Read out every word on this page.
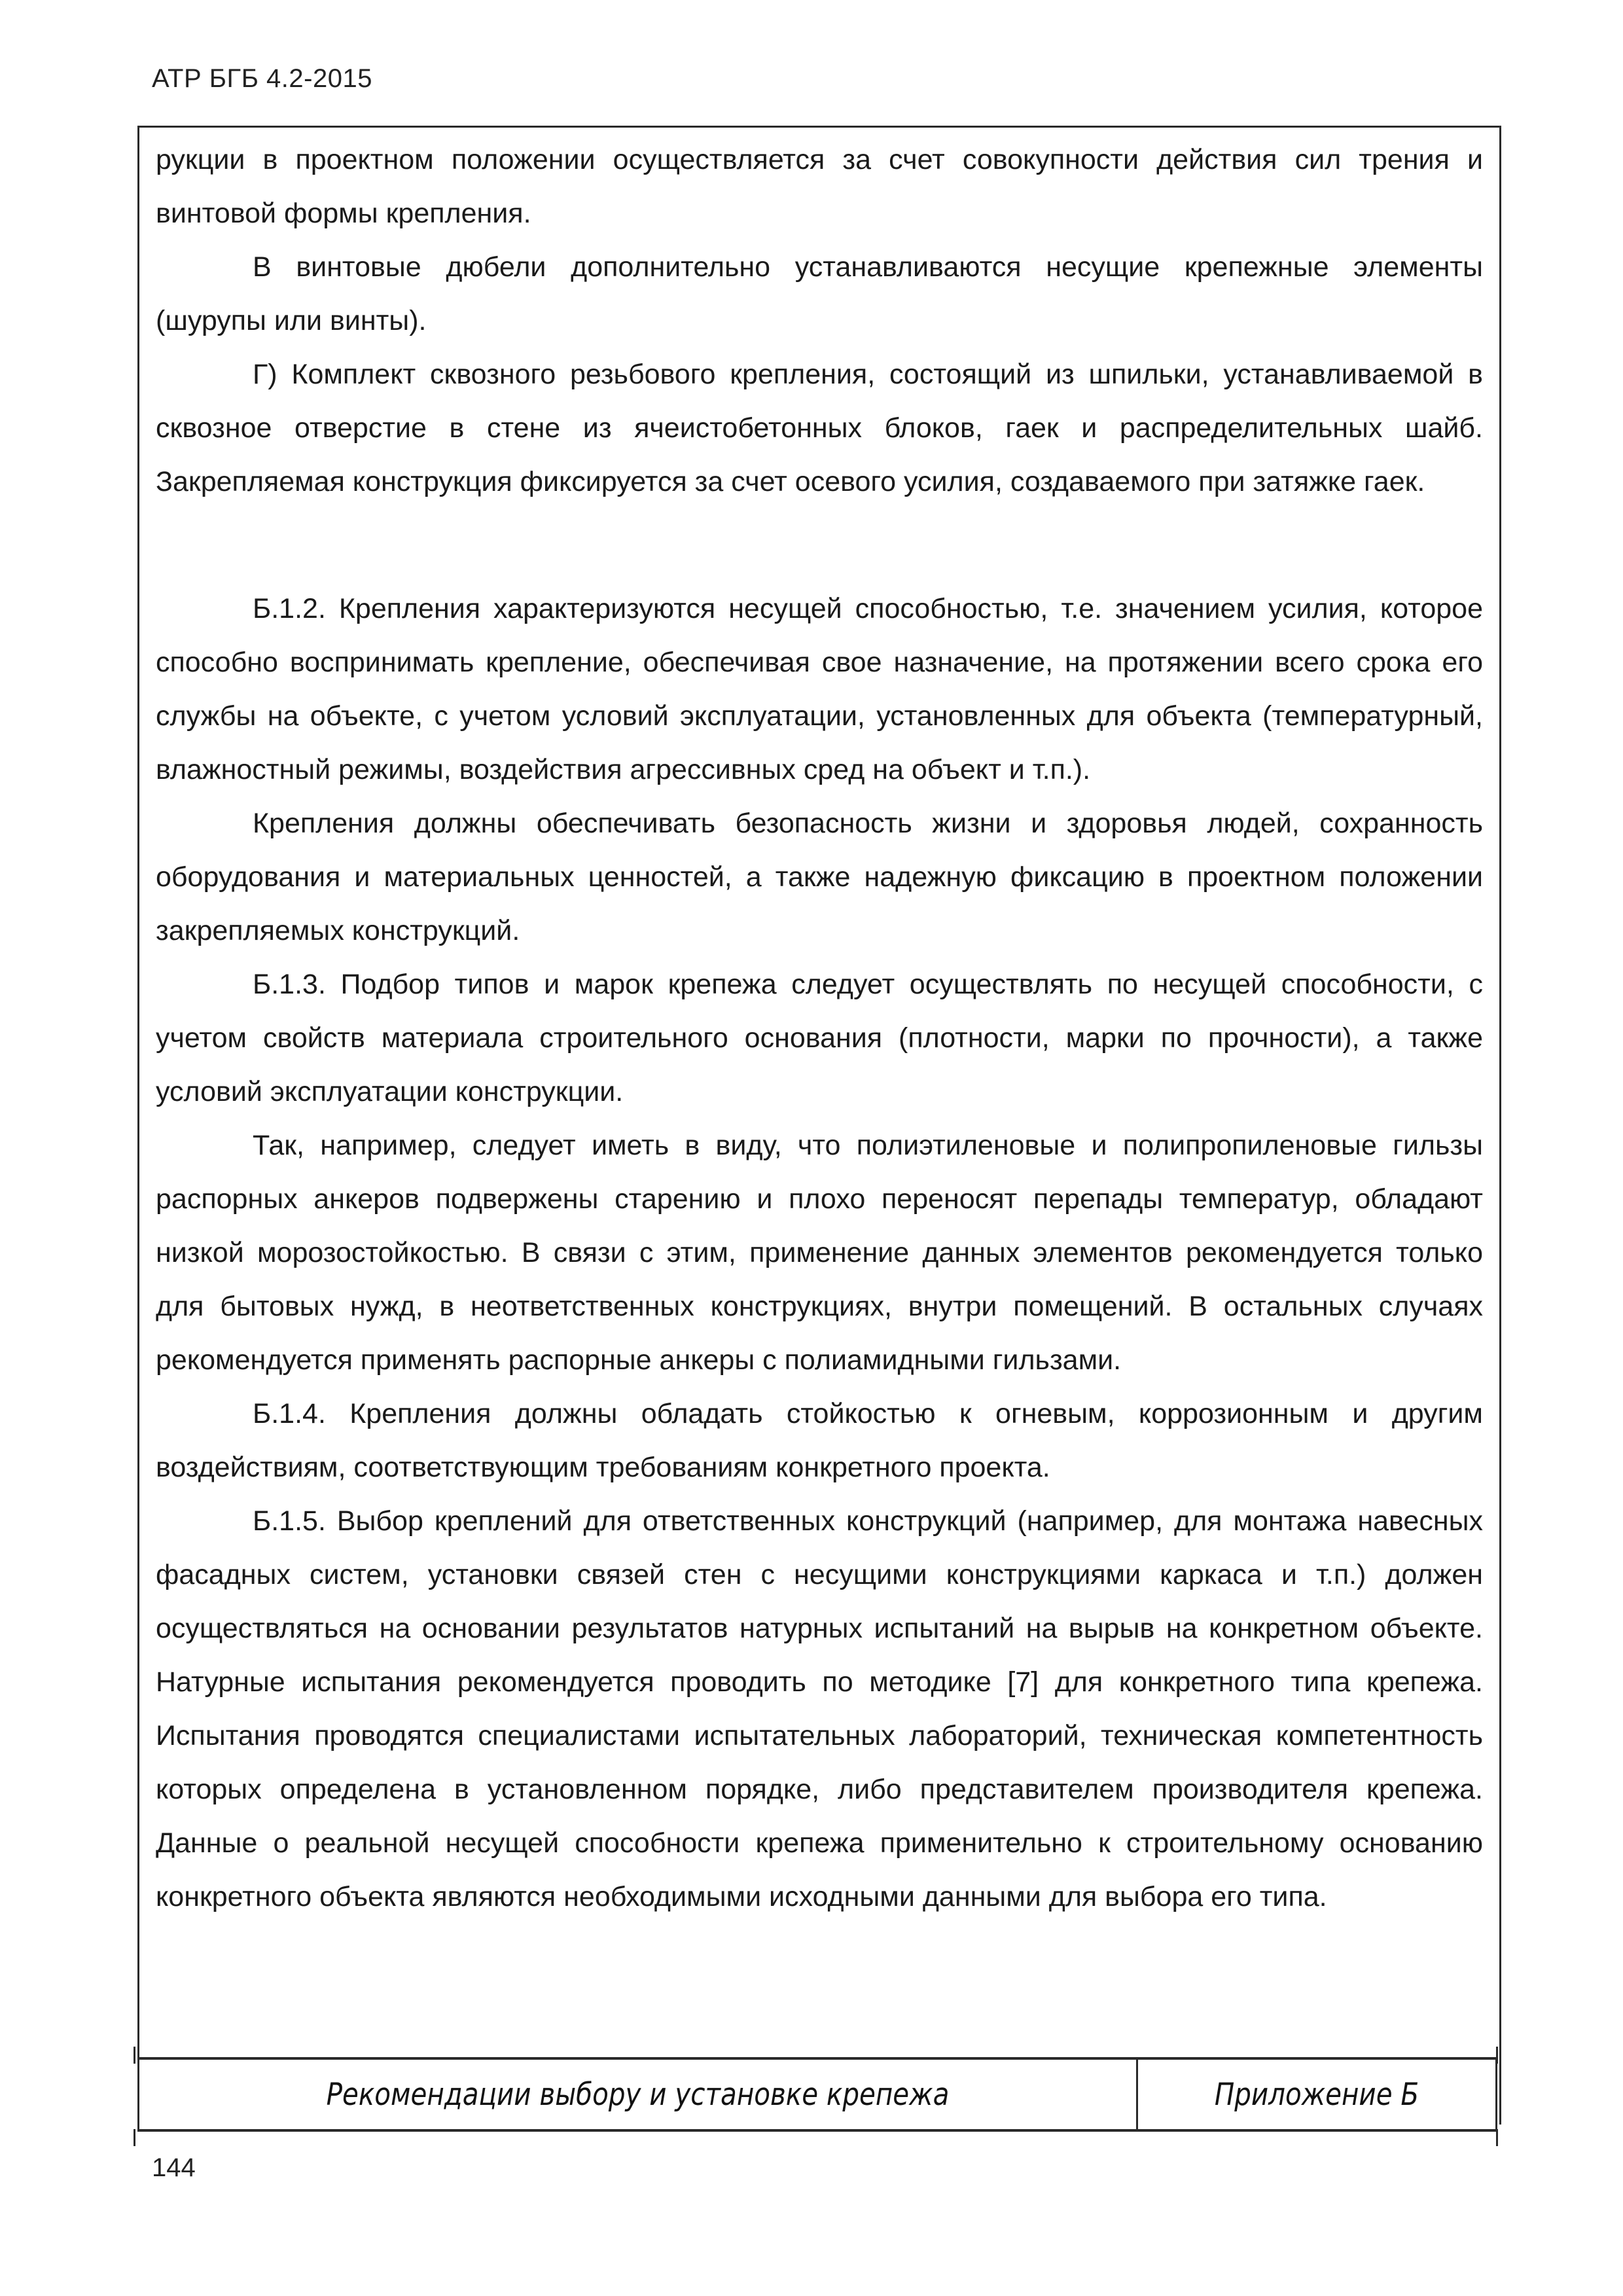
АТР БГБ 4.2-2015

рукции в проектном положении осуществляется за счет совокупности действия сил трения и винтовой формы крепления.

В винтовые дюбели дополнительно устанавливаются несущие крепежные элементы (шурупы или винты).

Г) Комплект сквозного резьбового крепления, состоящий из шпильки, устанавливаемой в сквозное отверстие в стене из ячеистобетонных блоков, гаек и распределительных шайб. Закрепляемая конструкция фиксируется за счет осевого усилия, создаваемого при затяжке гаек.

Б.1.2. Крепления характеризуются несущей способностью, т.е. значением усилия, которое способно воспринимать крепление, обеспечивая свое назначение, на протяжении всего срока его службы на объекте, с учетом условий эксплуатации, установленных для объекта (температурный, влажностный режимы, воздействия агрессивных сред на объект и т.п.).

Крепления должны обеспечивать безопасность жизни и здоровья людей, сохранность оборудования и материальных ценностей, а также надежную фиксацию в проектном положении закрепляемых конструкций.

Б.1.3. Подбор типов и марок крепежа следует осуществлять по несущей способности, с учетом свойств материала строительного основания (плотности, марки по прочности), а также условий эксплуатации конструкции.

Так, например, следует иметь в виду, что полиэтиленовые и полипропиленовые гильзы распорных анкеров подвержены старению и плохо переносят перепады температур, обладают низкой морозостойкостью. В связи с этим, применение данных элементов рекомендуется только для бытовых нужд, в неответственных конструкциях, внутри помещений. В остальных случаях рекомендуется применять распорные анкеры с полиамидными гильзами.

Б.1.4. Крепления должны обладать стойкостью к огневым, коррозионным и другим воздействиям, соответствующим требованиям конкретного проекта.

Б.1.5. Выбор креплений для ответственных конструкций (например, для монтажа навесных фасадных систем, установки связей стен с несущими конструкциями каркаса и т.п.) должен осуществляться на основании результатов натурных испытаний на вырыв на конкретном объекте. Натурные испытания рекомендуется проводить по методике [7] для конкретного типа крепежа. Испытания проводятся специалистами испытательных лабораторий, техническая компетентность которых определена в установленном порядке, либо представителем производителя крепежа. Данные о реальной несущей способности крепежа применительно к строительному основанию конкретного объекта являются необходимыми исходными данными для выбора его типа.

Рекомендации выбору и установке крепежа	Приложение Б
144
